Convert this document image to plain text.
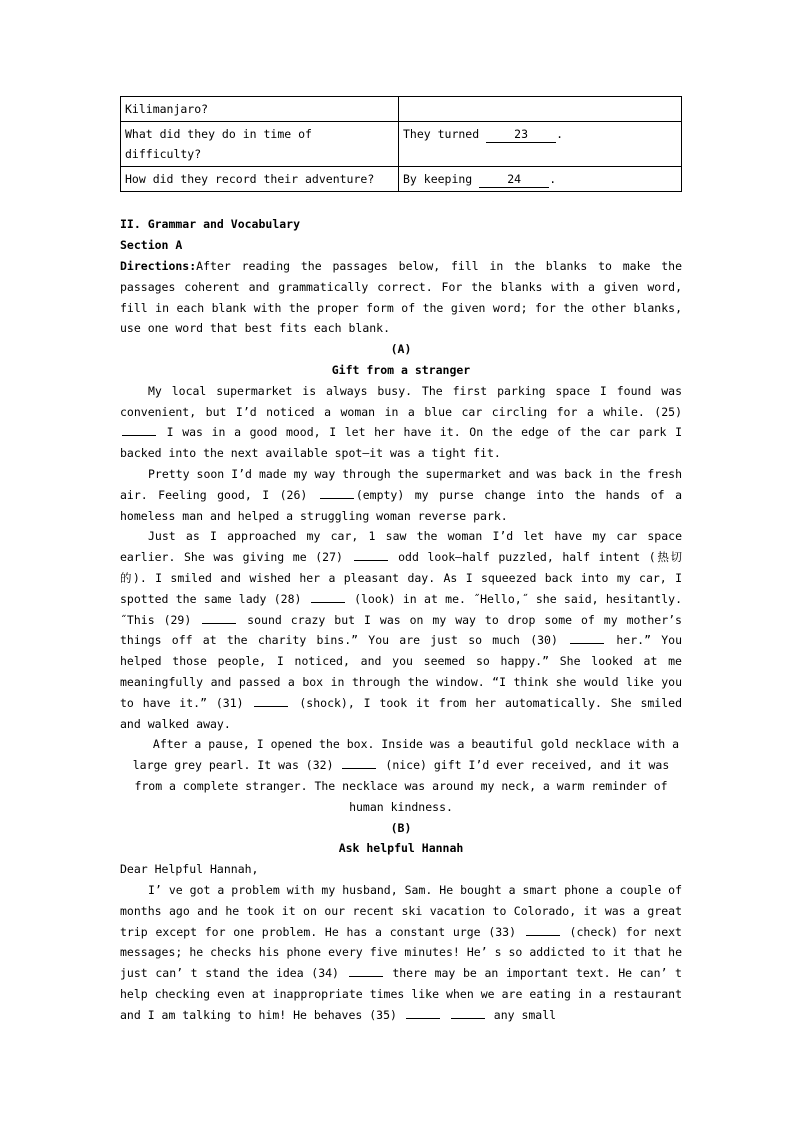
Kilimanjaro?	
What did they do in time of difficulty?	They turned 23 .
How did they record their adventure?	By keeping 24 .
II. Grammar and Vocabulary
Section A
Directions:After reading the passages below, fill in the blanks to make the passages coherent and grammatically correct. For the blanks with a given word, fill in each blank with the proper form of the given word; for the other blanks, use one word that best fits each blank.
(A)
Gift from a stranger

My local supermarket is always busy. The first parking space I found was convenient, but I’d noticed a woman in a blue car circling for a while. (25)  I was in a good mood, I let her have it. On the edge of the car park I backed into the next available spot—it was a tight fit.

Pretty soon I’d made my way through the supermarket and was back in the fresh air. Feeling good, I (26)	(empty) my purse change into the hands of a homeless man and helped a struggling woman reverse park.

Just as I approached my car, 1 saw the woman I’d let have my car space earlier. She was giving me (27)	odd look—half puzzled, half intent (热切的). I smiled and wished her a pleasant day. As I squeezed back into my car, I spotted the same lady (28)	(look) in at me. ˝Hello,˝ she said, hesitantly. ˝This (29)	sound crazy but I was on my way to drop some of my mother’s things off at the charity bins.” You are just so much (30)	her.” You helped those people, I noticed, and you seemed so happy.” She looked at me meaningfully and passed a box in through the window. “I think she would like you to have it.” (31)	(shock), I took it from her automatically. She smiled and walked away.

After a pause, I opened the box. Inside was a beautiful gold necklace with a large grey pearl. It was (32)	(nice) gift I’d ever received, and it was from a complete stranger. The necklace was around my neck, a warm reminder of human kindness.

(B)
Ask helpful Hannah

Dear Helpful Hannah,

I’ ve got a problem with my husband, Sam. He bought a smart phone a couple of months ago and he took it on our recent ski vacation to Colorado, it was a great trip except for one problem. He has a constant urge (33)	(check) for next messages; he checks his phone every five minutes! He’ s so addicted to it that he just can’ t stand the idea (34)	there may be an important text. He can’ t help checking even at inappropriate times like when we are eating in a restaurant and I am talking to him! He behaves (35)	any small
